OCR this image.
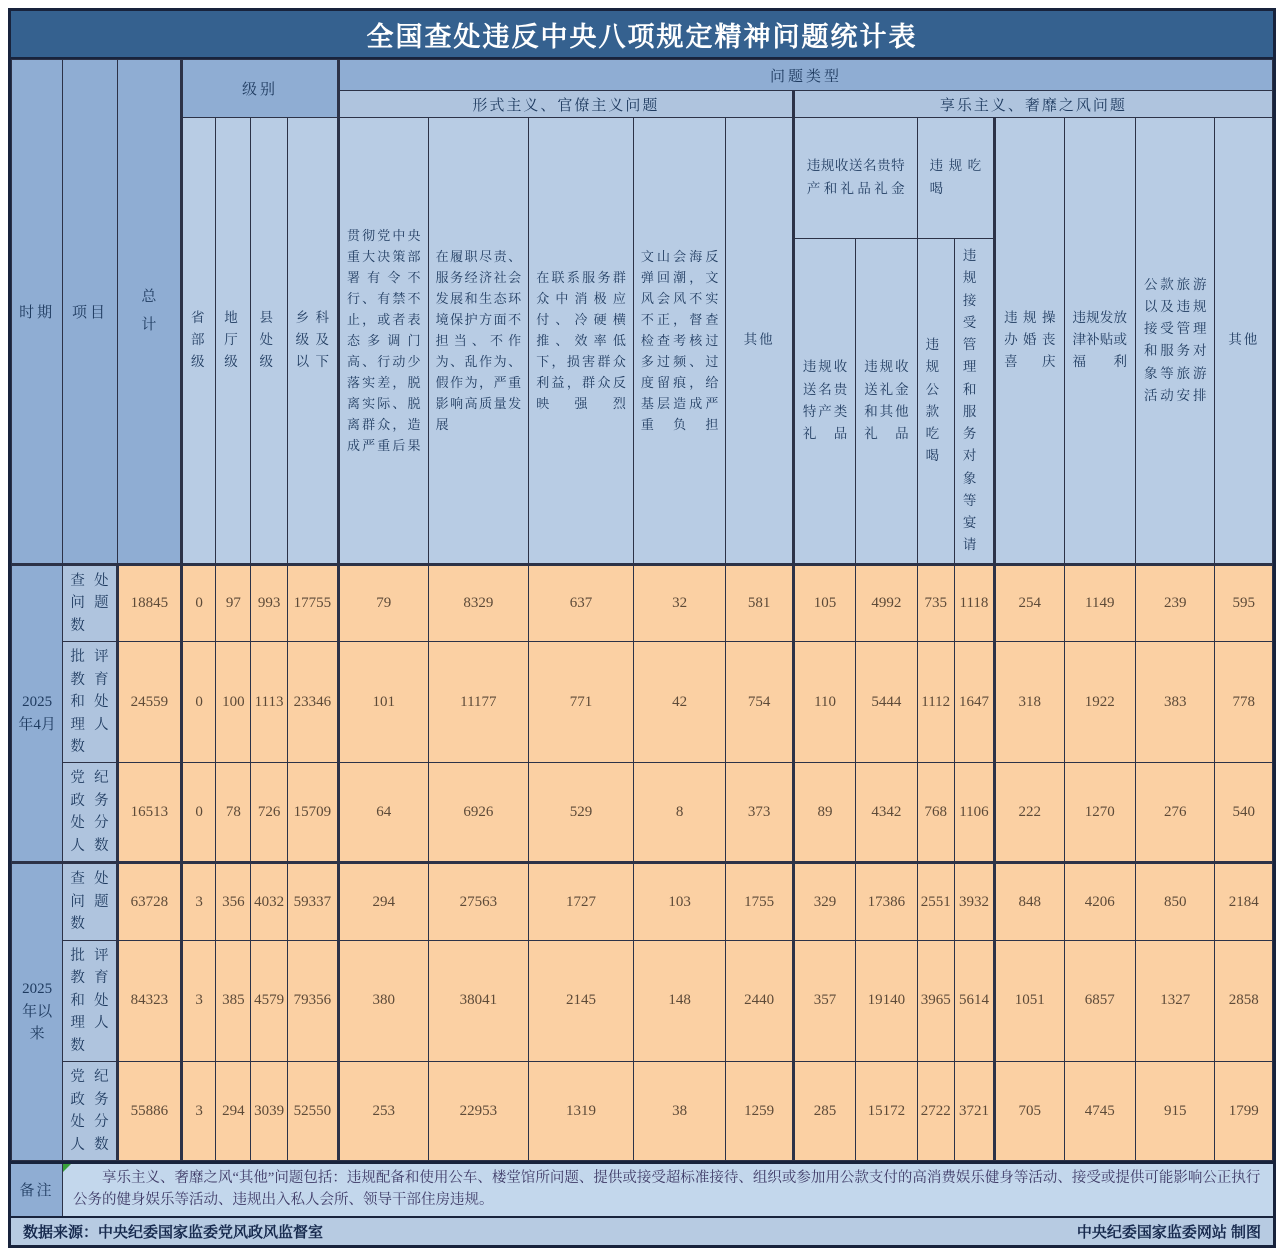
全国查处违反中央八项规定精神问题统计表
时期	项目	总计	级别				问题类型												
							形式主义、官僚主义问题					享乐主义、奢靡之风问题							
			省部级	地厅级	县处级	乡科级及以下	贯彻党中央重大决策部署有令不行、有禁不止，或者表态多调门高、行动少落实差，脱离实际、脱离群众，造成严重后果	在履职尽责、服务经济社会发展和生态环境保护方面不担当、不作为、乱作为、假作为，严重影响高质量发展	在联系服务群众中消极应付、冷硬横推、效率低下，损害群众利益，群众反映强烈	文山会海反弹回潮，文风会风不实不正，督查检查考核过多过频、过度留痕，给基层造成严重负担	其他	违规收送名贵特产和礼品礼金		违规吃喝		违规操办婚丧喜庆	违规发放津补贴或福利	公款旅游以及违规接受管理和服务对象等旅游活动安排	其他
												违规收送名贵特产类礼品	违规收送礼金和其他礼品	违规公款吃喝	违规接受管理和服务对象等宴请				
2025年4月	查处问题数	18845	0	97	993	17755	79	8329	637	32	581	105	4992	735	1118	254	1149	239	595
	批评教育和处理人数	24559	0	100	1113	23346	101	11177	771	42	754	110	5444	1112	1647	318	1922	383	778
	党纪政务处分人数	16513	0	78	726	15709	64	6926	529	8	373	89	4342	768	1106	222	1270	276	540
2025年以来	查处问题数	63728	3	356	4032	59337	294	27563	1727	103	1755	329	17386	2551	3932	848	4206	850	2184
	批评教育和处理人数	84323	3	385	4579	79356	380	38041	2145	148	2440	357	19140	3965	5614	1051	6857	1327	2858
	党纪政务处分人数	55886	3	294	3039	52550	253	22953	1319	38	1259	285	15172	2722	3721	705	4745	915	1799
备注

享乐主义、奢靡之风“其他”问题包括：违规配备和使用公车、楼堂馆所问题、提供或接受超标准接待、组织或参加用公款支付的高消费娱乐健身等活动、接受或提供可能影响公正执行公务的健身娱乐等活动、违规出入私人会所、领导干部住房违规。

数据来源：中央纪委国家监委党风政风监督室	中央纪委国家监委网站 制图
